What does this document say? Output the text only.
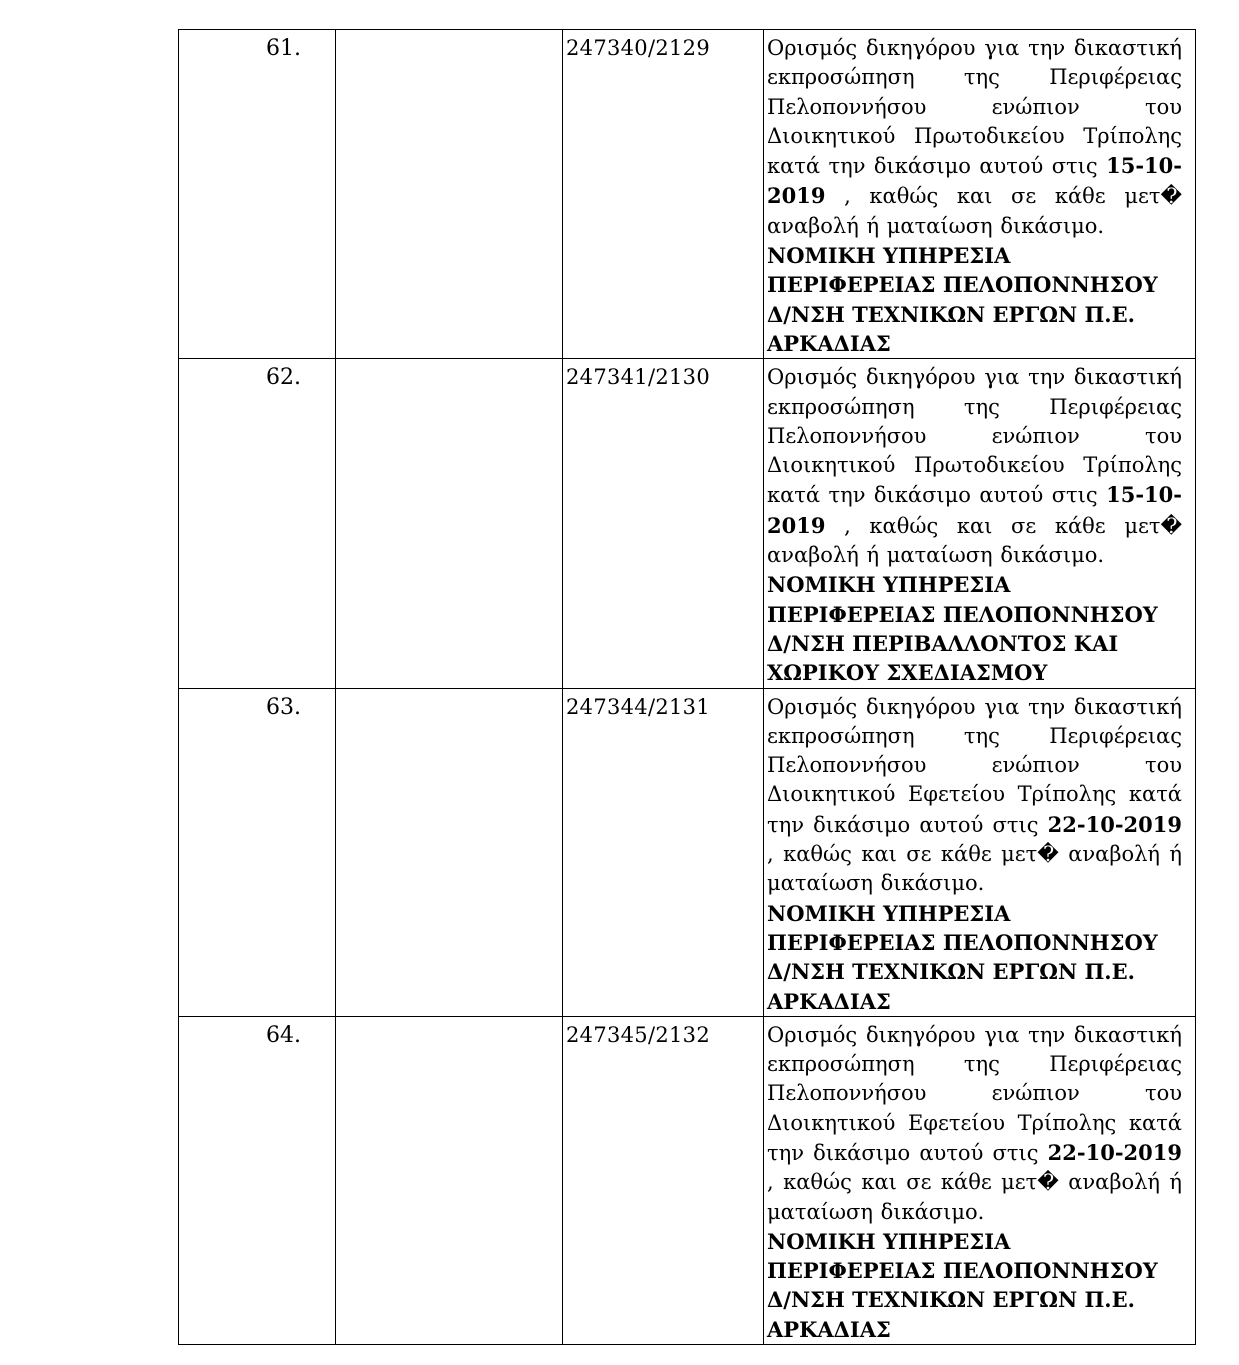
61.		247340/2129	Ορισμός δικηγόρου για την δικαστική εκπροσώπηση της Περιφέρειας Πελοποννήσου ενώπιον του Διοικητικού Πρωτοδικείου Τρίπολης κατά την δικάσιμο αυτού στις 15-10-2019 , καθώς και σε κάθε μετ� αναβολή ή ματαίωση δικάσιμο.

ΝΟΜΙΚΗ ΥΠΗΡΕΣΙΑ ΠΕΡΙΦΕΡΕΙΑΣ ΠΕΛΟΠΟΝΝΗΣΟΥ
Δ/ΝΣΗ ΤΕΧΝΙΚΩΝ ΕΡΓΩΝ Π.Ε. ΑΡΚΑΔΙΑΣ

62.		247341/2130	Ορισμός δικηγόρου για την δικαστική εκπροσώπηση της Περιφέρειας Πελοποννήσου ενώπιον του Διοικητικού Πρωτοδικείου Τρίπολης κατά την δικάσιμο αυτού στις 15-10-2019 , καθώς και σε κάθε μετ� αναβολή ή ματαίωση δικάσιμο.

ΝΟΜΙΚΗ ΥΠΗΡΕΣΙΑ ΠΕΡΙΦΕΡΕΙΑΣ ΠΕΛΟΠΟΝΝΗΣΟΥ
Δ/ΝΣΗ ΠΕΡΙΒΑΛΛΟΝΤΟΣ ΚΑΙ ΧΩΡΙΚΟΥ ΣΧΕΔΙΑΣΜΟΥ

63.		247344/2131	Ορισμός δικηγόρου για την δικαστική εκπροσώπηση της Περιφέρειας Πελοποννήσου ενώπιον του Διοικητικού Εφετείου Τρίπολης κατά την δικάσιμο αυτού στις 22-10-2019 , καθώς και σε κάθε μετ� αναβολή ή ματαίωση δικάσιμο.

ΝΟΜΙΚΗ ΥΠΗΡΕΣΙΑ ΠΕΡΙΦΕΡΕΙΑΣ ΠΕΛΟΠΟΝΝΗΣΟΥ
Δ/ΝΣΗ ΤΕΧΝΙΚΩΝ ΕΡΓΩΝ Π.Ε. ΑΡΚΑΔΙΑΣ

64.		247345/2132	Ορισμός δικηγόρου για την δικαστική εκπροσώπηση της Περιφέρειας Πελοποννήσου ενώπιον του Διοικητικού Εφετείου Τρίπολης κατά την δικάσιμο αυτού στις 22-10-2019 , καθώς και σε κάθε μετ� αναβολή ή ματαίωση δικάσιμο.

ΝΟΜΙΚΗ ΥΠΗΡΕΣΙΑ ΠΕΡΙΦΕΡΕΙΑΣ ΠΕΛΟΠΟΝΝΗΣΟΥ
Δ/ΝΣΗ ΤΕΧΝΙΚΩΝ ΕΡΓΩΝ Π.Ε. ΑΡΚΑΔΙΑΣ
